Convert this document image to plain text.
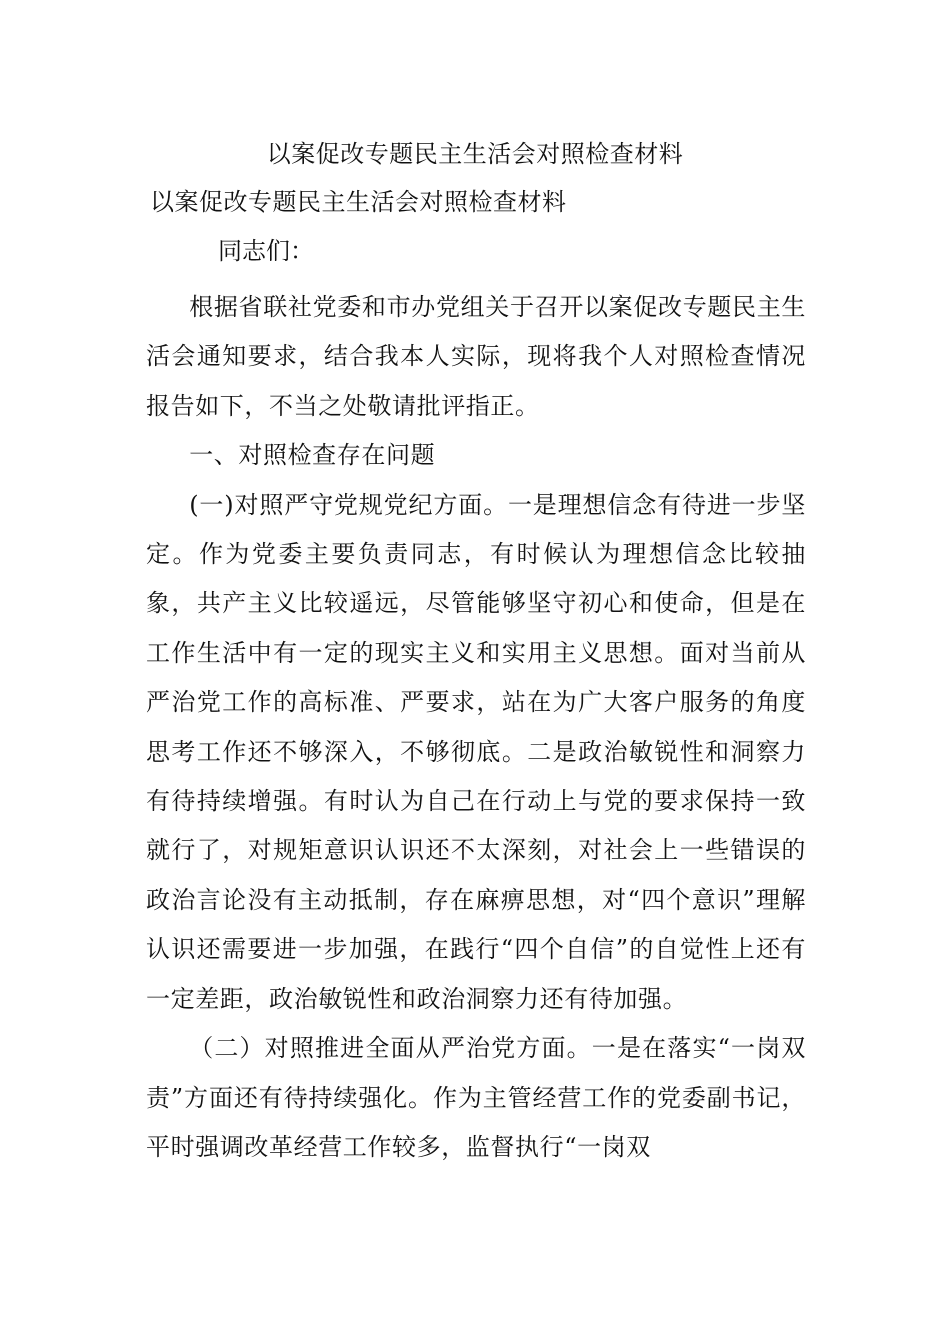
以案促改专题民主生活会对照检查材料
以案促改专题民主生活会对照检查材料
同志们：

根据省联社党委和市办党组关于召开以案促改专题民主生活会通知要求，结合我本人实际，现将我个人对照检查情况报告如下，不当之处敬请批评指正。

一、对照检查存在问题

(一)对照严守党规党纪方面。一是理想信念有待进一步坚定。作为党委主要负责同志，有时候认为理想信念比较抽象，共产主义比较遥远，尽管能够坚守初心和使命，但是在工作生活中有一定的现实主义和实用主义思想。面对当前从严治党工作的高标准、严要求，站在为广大客户服务的角度思考工作还不够深入，不够彻底。二是政治敏锐性和洞察力有待持续增强。有时认为自己在行动上与党的要求保持一致就行了，对规矩意识认识还不太深刻，对社会上一些错误的政治言论没有主动抵制，存在麻痹思想，对“四个意识”理解认识还需要进一步加强，在践行“四个自信”的自觉性上还有一定差距，政治敏锐性和政治洞察力还有待加强。

（二）对照推进全面从严治党方面。一是在落实“一岗双责”方面还有待持续强化。作为主管经营工作的党委副书记，平时强调改革经营工作较多，监督执行“一岗双
